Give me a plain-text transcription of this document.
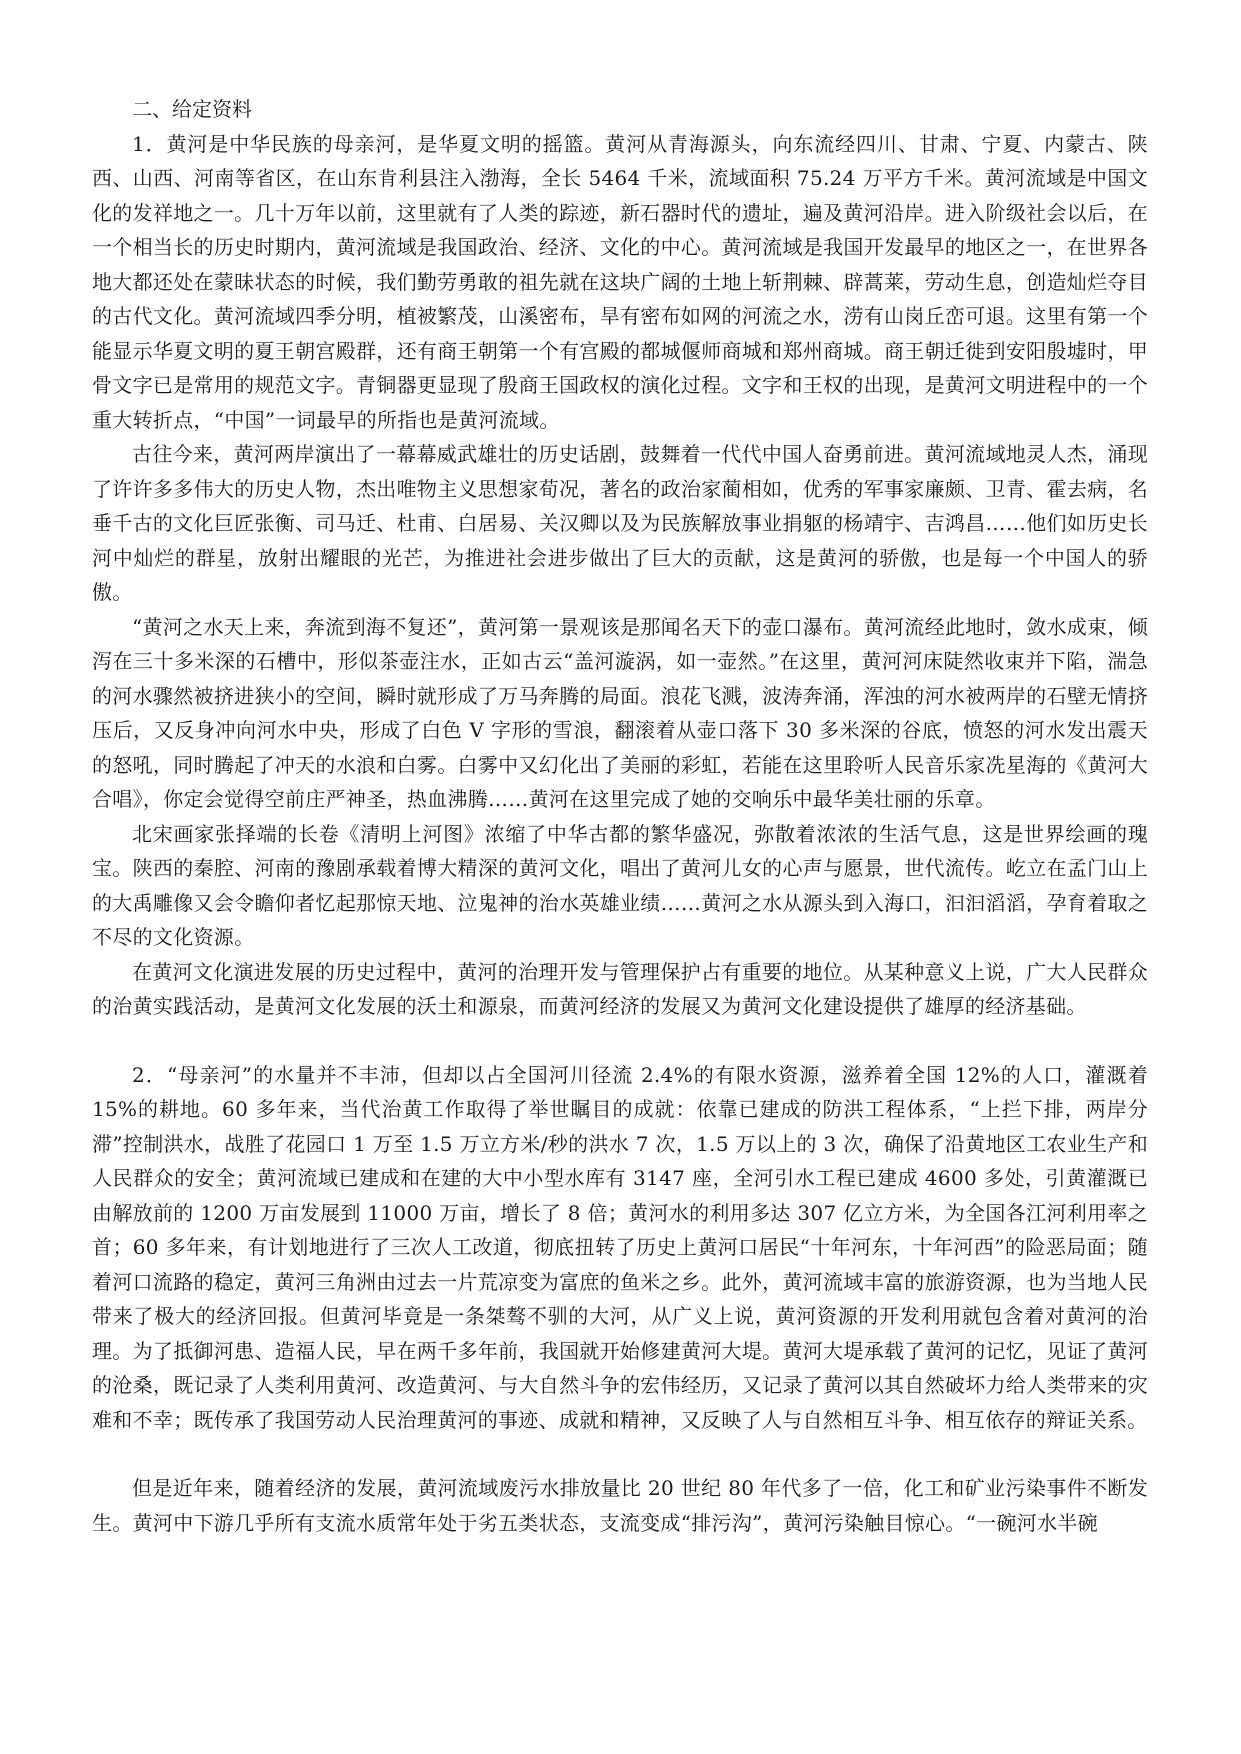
二、给定资料

1．黄河是中华民族的母亲河，是华夏文明的摇篮。黄河从青海源头，向东流经四川、甘肃、宁夏、内蒙古、陕西、山西、河南等省区，在山东肯利县注入渤海，全长 5464 千米，流域面积 75.24 万平方千米。黄河流域是中国文化的发祥地之一。几十万年以前，这里就有了人类的踪迹，新石器时代的遗址，遍及黄河沿岸。进入阶级社会以后，在一个相当长的历史时期内，黄河流域是我国政治、经济、文化的中心。黄河流域是我国开发最早的地区之一，在世界各地大都还处在蒙昧状态的时候，我们勤劳勇敢的祖先就在这块广阔的土地上斩荆棘、辟蒿莱，劳动生息，创造灿烂夺目的古代文化。黄河流域四季分明，植被繁茂，山溪密布，旱有密布如网的河流之水，涝有山岗丘峦可退。这里有第一个能显示华夏文明的夏王朝宫殿群，还有商王朝第一个有宫殿的都城偃师商城和郑州商城。商王朝迁徙到安阳殷墟时，甲骨文字已是常用的规范文字。青铜器更显现了殷商王国政权的演化过程。文字和王权的出现，是黄河文明进程中的一个重大转折点，“中国”一词最早的所指也是黄河流域。

古往今来，黄河两岸演出了一幕幕威武雄壮的历史话剧，鼓舞着一代代中国人奋勇前进。黄河流域地灵人杰，涌现了许许多多伟大的历史人物，杰出唯物主义思想家荀况，著名的政治家蔺相如，优秀的军事家廉颇、卫青、霍去病，名垂千古的文化巨匠张衡、司马迁、杜甫、白居易、关汉卿以及为民族解放事业捐躯的杨靖宇、吉鸿昌……他们如历史长河中灿烂的群星，放射出耀眼的光芒，为推进社会进步做出了巨大的贡献，这是黄河的骄傲，也是每一个中国人的骄傲。

“黄河之水天上来，奔流到海不复还”，黄河第一景观该是那闻名天下的壶口瀑布。黄河流经此地时，敛水成束，倾泻在三十多米深的石槽中，形似茶壶注水，正如古云“盖河漩涡，如一壶然。”在这里，黄河河床陡然收束并下陷，湍急的河水骤然被挤进狭小的空间，瞬时就形成了万马奔腾的局面。浪花飞溅，波涛奔涌，浑浊的河水被两岸的石壁无情挤压后，又反身冲向河水中央，形成了白色 V 字形的雪浪，翻滚着从壶口落下 30 多米深的谷底，愤怒的河水发出震天的怒吼，同时腾起了冲天的水浪和白雾。白雾中又幻化出了美丽的彩虹，若能在这里聆听人民音乐家冼星海的《黄河大合唱》，你定会觉得空前庄严神圣，热血沸腾……黄河在这里完成了她的交响乐中最华美壮丽的乐章。

北宋画家张择端的长卷《清明上河图》浓缩了中华古都的繁华盛况，弥散着浓浓的生活气息，这是世界绘画的瑰宝。陕西的秦腔、河南的豫剧承载着博大精深的黄河文化，唱出了黄河儿女的心声与愿景，世代流传。屹立在孟门山上的大禹雕像又会令瞻仰者忆起那惊天地、泣鬼神的治水英雄业绩……黄河之水从源头到入海口，汩汩滔滔，孕育着取之不尽的文化资源。

在黄河文化演进发展的历史过程中，黄河的治理开发与管理保护占有重要的地位。从某种意义上说，广大人民群众的治黄实践活动，是黄河文化发展的沃土和源泉，而黄河经济的发展又为黄河文化建设提供了雄厚的经济基础。

2．“母亲河”的水量并不丰沛，但却以占全国河川径流 2.4%的有限水资源，滋养着全国 12%的人口，灌溉着 15%的耕地。60 多年来，当代治黄工作取得了举世瞩目的成就：依靠已建成的防洪工程体系，“上拦下排，两岸分滞”控制洪水，战胜了花园口 1 万至 1.5 万立方米/秒的洪水 7 次，1.5 万以上的 3 次，确保了沿黄地区工农业生产和人民群众的安全；黄河流域已建成和在建的大中小型水库有 3147 座，全河引水工程已建成 4600 多处，引黄灌溉已由解放前的 1200 万亩发展到 11000 万亩，增长了 8 倍；黄河水的利用多达 307 亿立方米，为全国各江河利用率之首；60 多年来，有计划地进行了三次人工改道，彻底扭转了历史上黄河口居民“十年河东，十年河西”的险恶局面；随着河口流路的稳定，黄河三角洲由过去一片荒凉变为富庶的鱼米之乡。此外，黄河流域丰富的旅游资源，也为当地人民带来了极大的经济回报。但黄河毕竟是一条桀骜不驯的大河，从广义上说，黄河资源的开发利用就包含着对黄河的治理。为了抵御河患、造福人民，早在两千多年前，我国就开始修建黄河大堤。黄河大堤承载了黄河的记忆，见证了黄河的沧桑，既记录了人类利用黄河、改造黄河、与大自然斗争的宏伟经历，又记录了黄河以其自然破坏力给人类带来的灾难和不幸；既传承了我国劳动人民治理黄河的事迹、成就和精神，又反映了人与自然相互斗争、相互依存的辩证关系。

但是近年来，随着经济的发展，黄河流域废污水排放量比 20 世纪 80 年代多了一倍，化工和矿业污染事件不断发生。黄河中下游几乎所有支流水质常年处于劣五类状态，支流变成“排污沟”，黄河污染触目惊心。“一碗河水半碗
